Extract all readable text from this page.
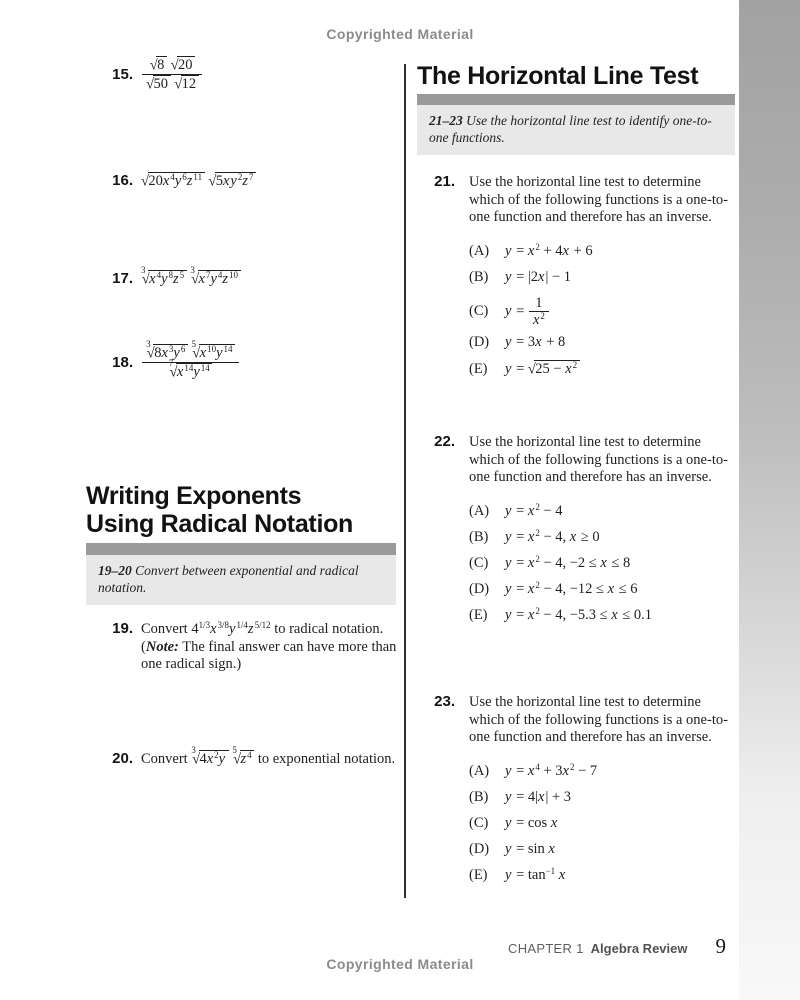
Copyrighted Material
15. $\frac{√8 √20}{√50 √12}$
16. $√20x^4y^6z^{11}$ $√5xy^2z^7$
17.
$^3√x^4y^8z^5$ $^3√x^7y^4z^{10}$
18. $\frac{^3√8x^3y^6 ^5√x^{10}y^{14}}{^7√x^{14}y^{14}}$
Writing Exponents
Using Radical Notation
19–20 Convert between exponential and radical notation.
19. Convert $4^{1/3}x^{3/8}y^{1/4}z^{5/12}$ to radical notation. (Note: The final answer can have more than one radical sign.)
20. Convert $^3√4x^2y$ $^5√z^4$ to exponential notation.
The Horizontal Line Test
21–23 Use the horizontal line test to identify one-to-one functions.
21. Use the horizontal line test to determine which of the following functions is a one-to-one function and therefore has an inverse.
(A)	$y = x^2 + 4x + 6$
(B)	y = |2x| − 1
(C)	$y = \frac{1}{x^2}$
(D)	y = 3x + 8
(E)	$y = √25 - x^2$
22. Use the horizontal line test to determine which of the following functions is a one-to-one function and therefore has an inverse.
(A)	$y = x^2 - 4$
(B)	$y = x^2 - 4$, x ≥ 0
(C)	$y = x^2 - 4$, −2 ≤ x ≤ 8
(D)	$y = x^2 - 4$, −12 ≤ x ≤ 6
(E)	$y = x^2 - 4$, −5.3 ≤ x ≤ 0.1
23. Use the horizontal line test to determine which of the following functions is a one-to-one function and therefore has an inverse.
(A)	$y = x^4 + 3x^2 - 7$
(B)	y = 4|x| + 3
(C)	y = cos x
(D)	y = sin x
(E)	$y = \tan^{-1} x$
CHAPTER 1 Algebra Review 9
Copyrighted Material
